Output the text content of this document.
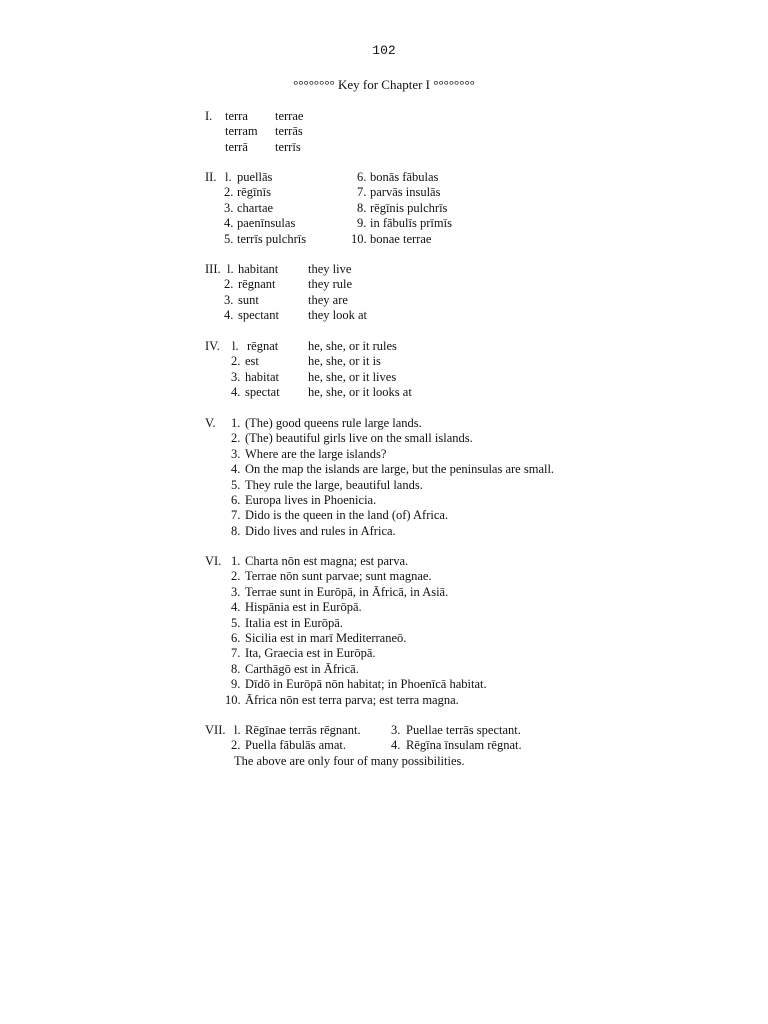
102
°°°°°°°° Key for Chapter I °°°°°°°°
I. terra terrae
terram terrās
terrā terrīs
II. l. puellās	6. bonās fābulas
2. rēgīnīs	7. parvās insulās
3. chartae	8. rēgīnis pulchrīs
4. paenīnsulas	9. in fābulīs prīmīs
5. terrīs pulchrīs	10. bonae terrae
III. l. habitant they live
2. rēgnant	they rule
3. sunt	they are
4. spectant they look at
IV. l. rēgnat he, she, or it rules
2. est	he, she, or it is
3. habitat he, she, or it lives
4. spectat he, she, or it looks at
V. 1. (The) good queens rule large lands.
2. (The) beautiful girls live on the small islands.
3. Where are the large islands?
4. On the map the islands are large, but the peninsulas are small.
5. They rule the large, beautiful lands.
6. Europa lives in Phoenicia.
7. Dido is the queen in the land (of) Africa.
8. Dido lives and rules in Africa.
VI. 1. Charta nōn est magna; est parva.
2. Terrae nōn sunt parvae; sunt magnae.
3. Terrae sunt in Eurōpā, in Āfricā, in Asiā.
4. Hispānia est in Eurōpā.
5. Italia est in Eurōpā.
6. Sicilia est in marī Mediterraneō.
7. Ita, Graecia est in Eurōpā.
8. Carthāgō est in Āfricā.
9. Dīdō in Eurōpā nōn habitat; in Phoenīcā habitat.
10. Āfrica nōn est terra parva; est terra magna.
VII. l. Rēgīnae terrās rēgnant. 3. Puellae terrās spectant.
2. Puella fābulās amat.	4. Rēgīna īnsulam rēgnat.
The above are only four of many possibilities.
